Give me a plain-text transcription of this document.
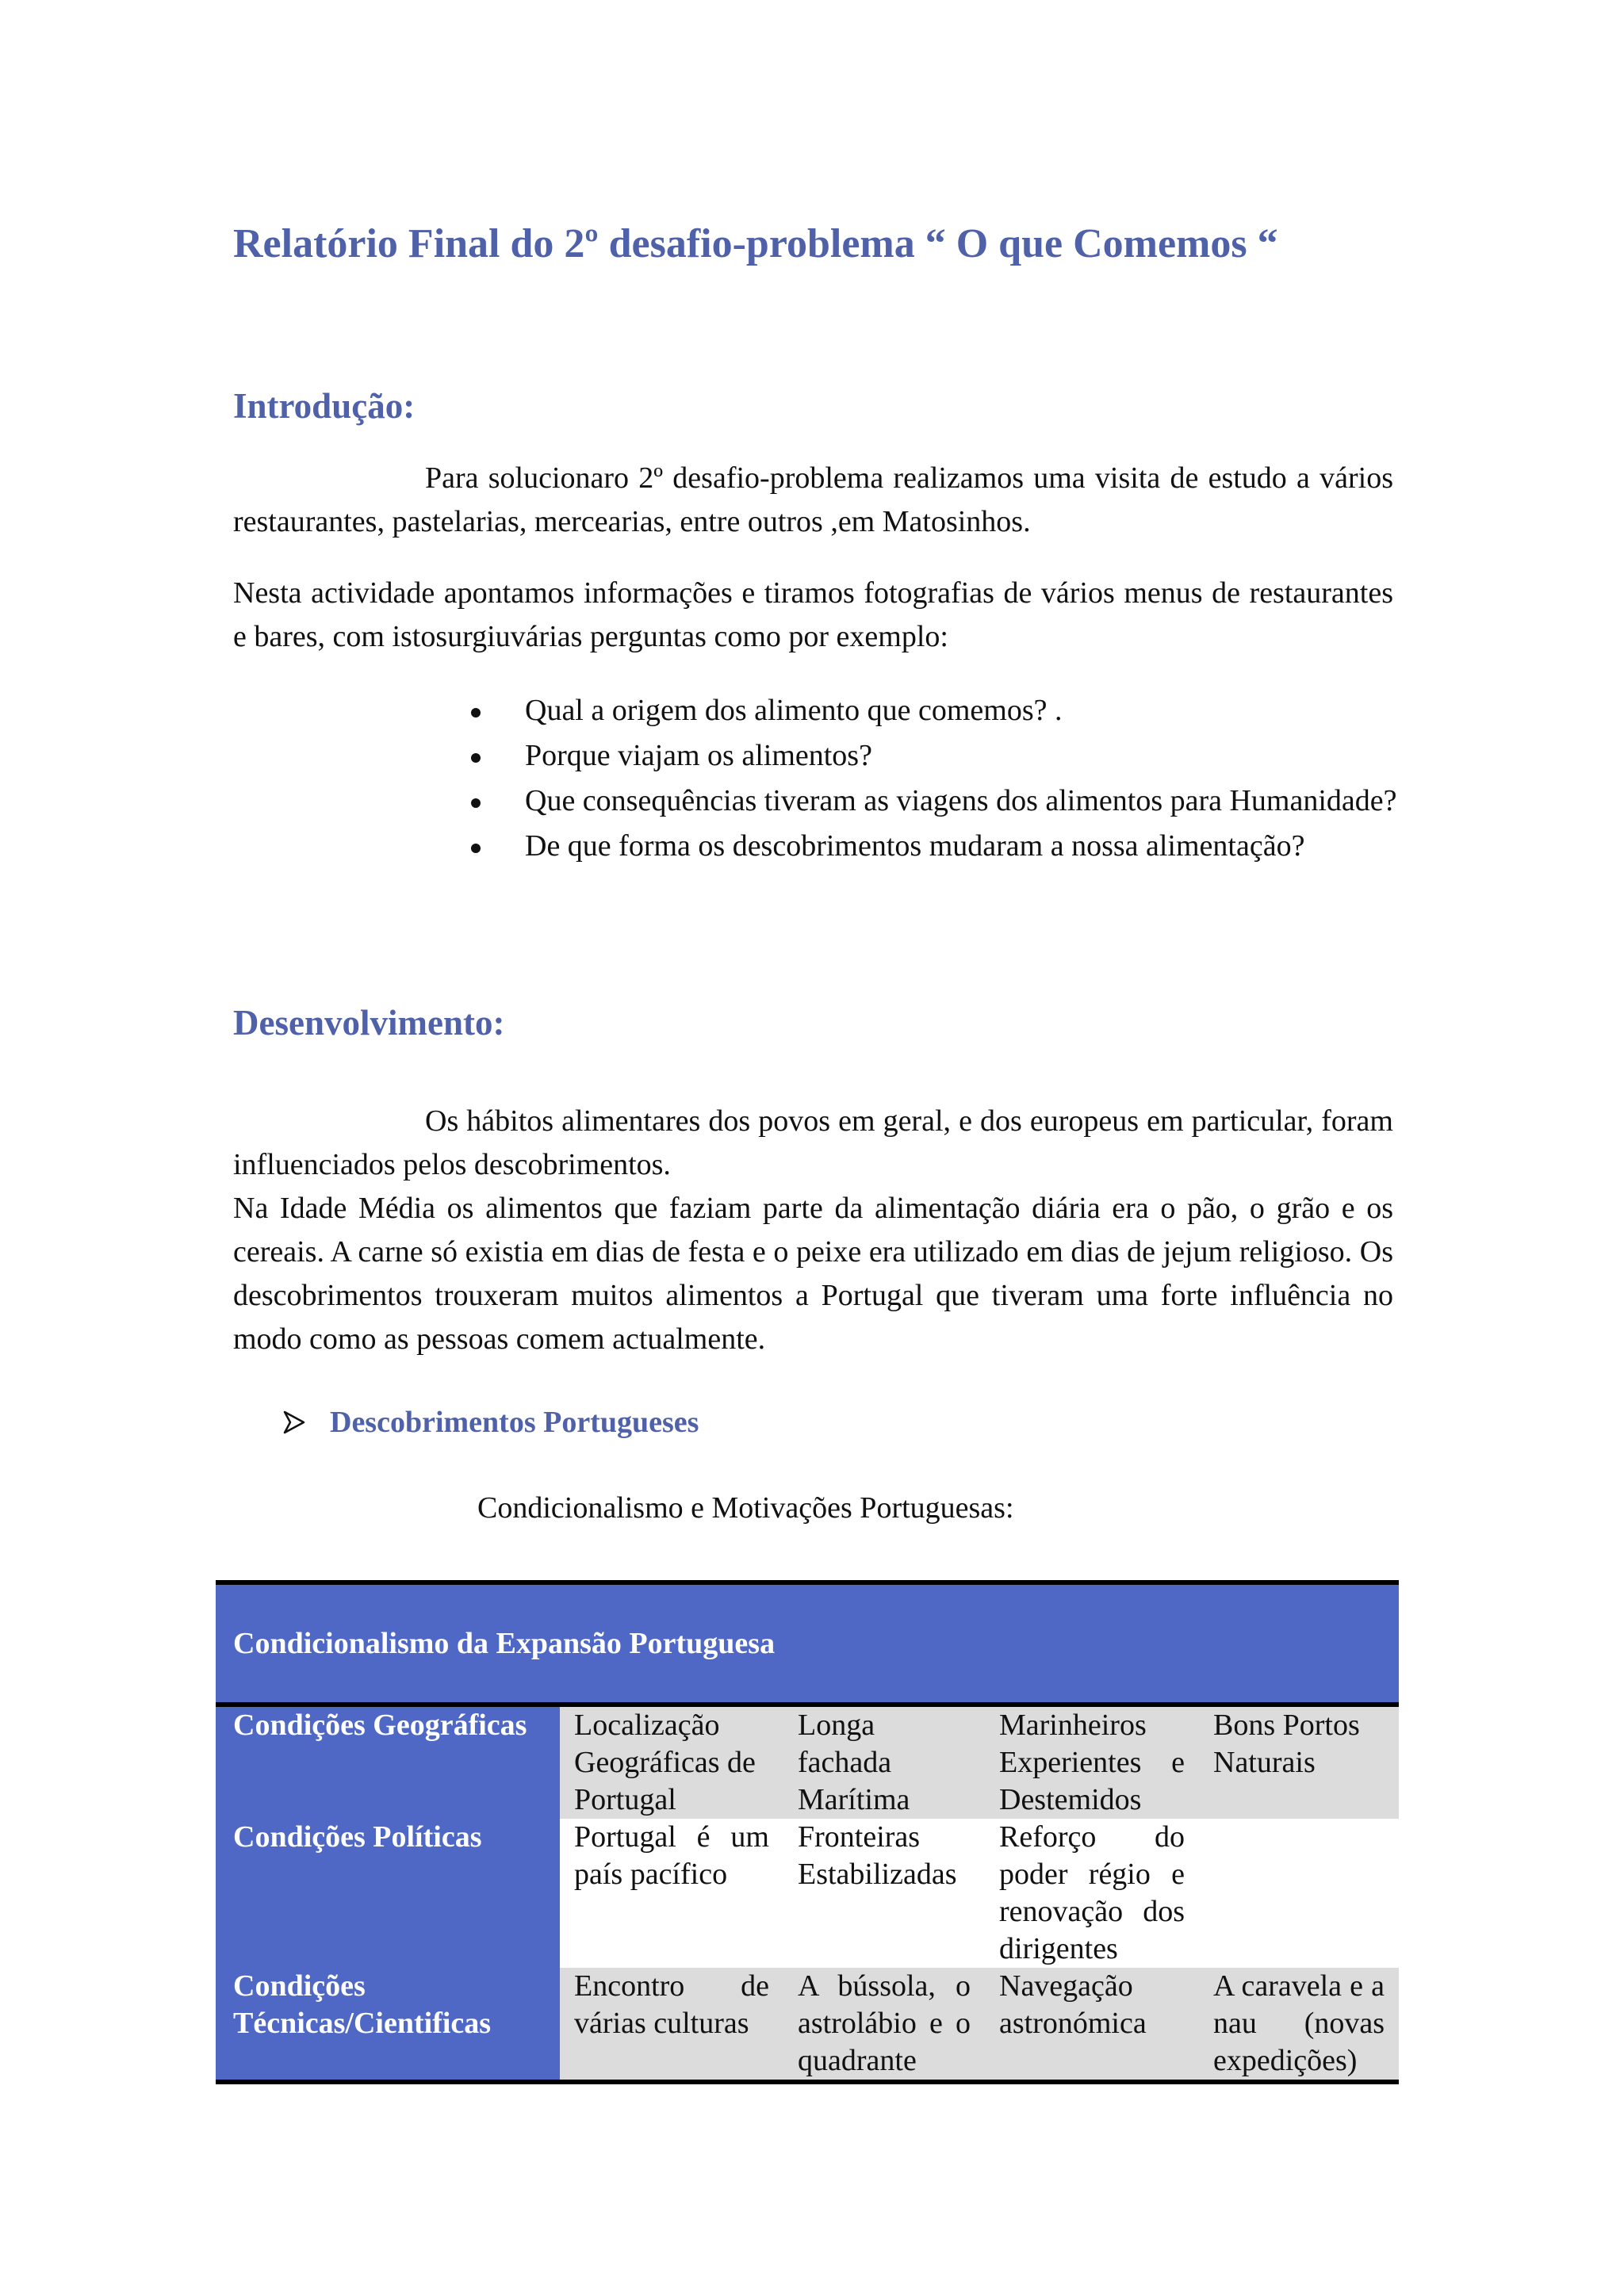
Relatório Final do 2º desafio-problema “ O que Comemos “
Introdução:

Para solucionaro 2º desafio-problema realizamos uma visita de estudo a vários restaurantes, pastelarias, mercearias, entre outros ,em Matosinhos.

Nesta actividade apontamos informações e tiramos fotografias de vários menus de restaurantes e bares, com istosurgiuvárias perguntas como por exemplo:

Qual a origem dos alimento que comemos? .
Porque viajam os alimentos?
Que consequências tiveram as viagens dos alimentos para Humanidade?
De que forma os descobrimentos mudaram a nossa alimentação?
Desenvolvimento:

Os hábitos alimentares dos povos em geral, e dos europeus em particular, foram influenciados pelos descobrimentos.

Na Idade Média os alimentos que faziam parte da alimentação diária era o pão, o grão e os cereais. A carne só existia em dias de festa e o peixe era utilizado em dias de jejum religioso. Os descobrimentos trouxeram muitos alimentos a Portugal que tiveram uma forte influência no modo como as pessoas comem actualmente.

Descobrimentos Portugueses

Condicionalismo e Motivações Portuguesas:

Condicionalismo da Expansão Portuguesa				
Condições Geográficas	Localização Geográficas de Portugal	Longa fachada Marítima	Marinheiros Experientes e Destemidos	Bons Portos Naturais
Condições Políticas	Portugal é um país pacífico	Fronteiras Estabilizadas	Reforço do poder régio e renovação dos dirigentes	
Condições Técnicas/Cientificas	Encontro de várias culturas	A bússola, o astrolábio e o quadrante	Navegação astronómica	A caravela e a nau (novas expedições)
